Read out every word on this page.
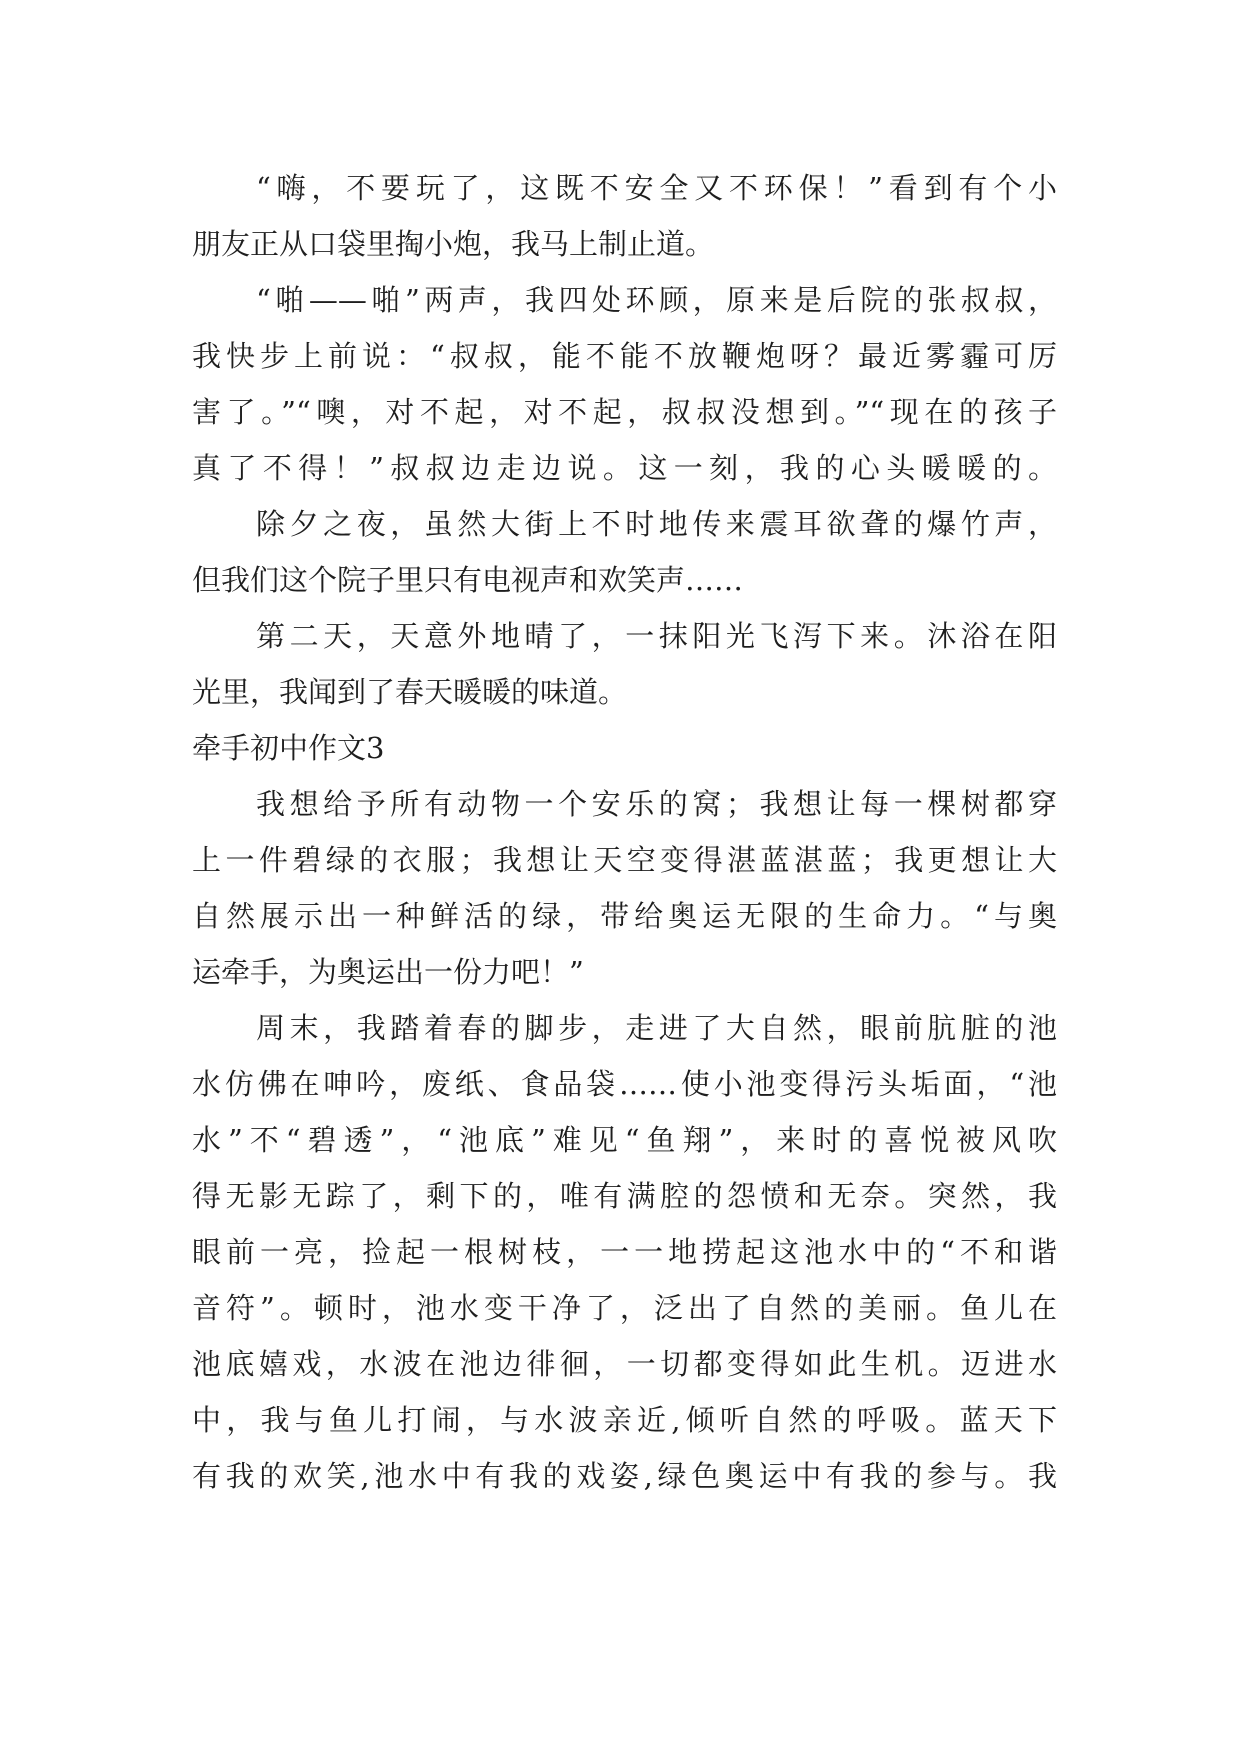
“嗨，不要玩了，这既不安全又不环保！”看到有个小
朋友正从口袋里掏小炮，我马上制止道。
“啪——啪”两声，我四处环顾，原来是后院的张叔叔，
我快步上前说：“叔叔，能不能不放鞭炮呀？最近雾霾可厉
害了。”“噢，对不起，对不起，叔叔没想到。”“现在的孩子
真了不得！”叔叔边走边说。这一刻，我的心头暖暖的。
除夕之夜，虽然大街上不时地传来震耳欲聋的爆竹声，
但我们这个院子里只有电视声和欢笑声……
第二天，天意外地晴了，一抹阳光飞泻下来。沐浴在阳
光里，我闻到了春天暖暖的味道。
牵手初中作文3
我想给予所有动物一个安乐的窝；我想让每一棵树都穿
上一件碧绿的衣服；我想让天空变得湛蓝湛蓝；我更想让大
自然展示出一种鲜活的绿，带给奥运无限的生命力。“与奥
运牵手，为奥运出一份力吧！”
周末，我踏着春的脚步，走进了大自然，眼前肮脏的池
水仿佛在呻吟，废纸、食品袋……使小池变得污头垢面，“池
水”不“碧透”，“池底”难见“鱼翔”，来时的喜悦被风吹
得无影无踪了，剩下的，唯有满腔的怨愤和无奈。突然，我
眼前一亮，捡起一根树枝，一一地捞起这池水中的“不和谐
音符”。顿时，池水变干净了，泛出了自然的美丽。鱼儿在
池底嬉戏，水波在池边徘徊，一切都变得如此生机。迈进水
中，我与鱼儿打闹，与水波亲近,倾听自然的呼吸。蓝天下
有我的欢笑,池水中有我的戏姿,绿色奥运中有我的参与。我
